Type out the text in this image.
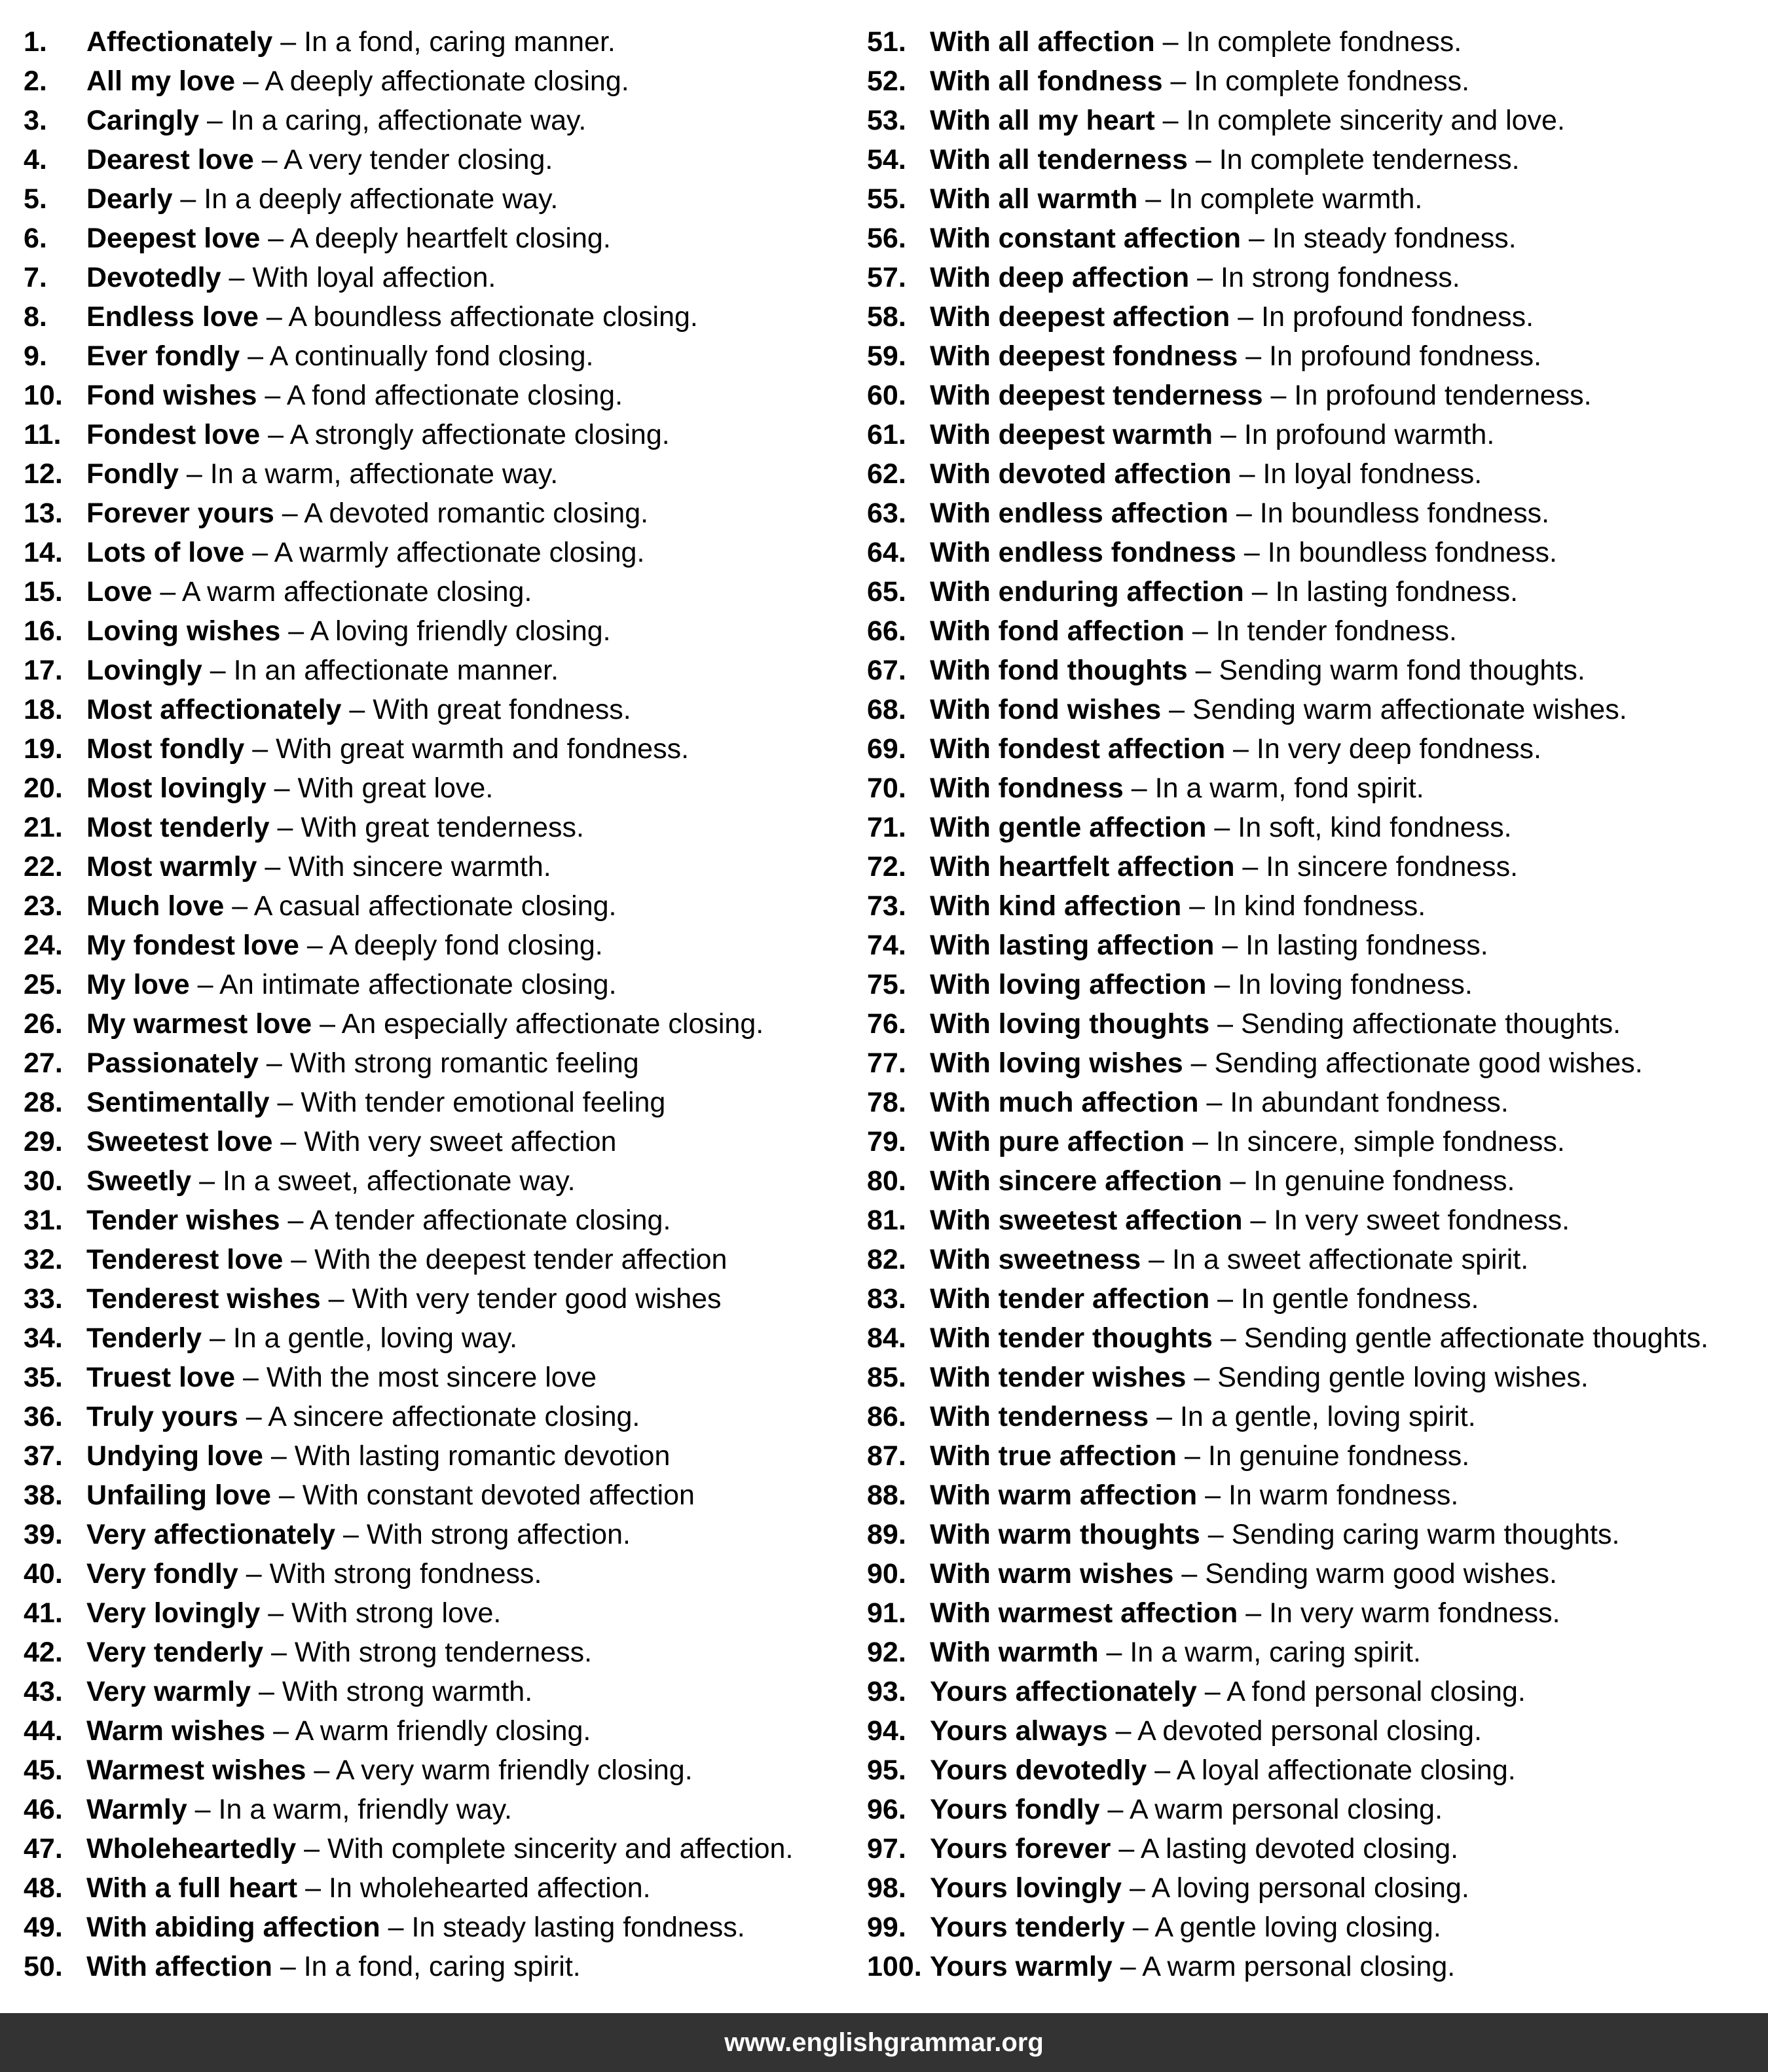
1. Affectionately – In a fond, caring manner.
2. All my love – A deeply affectionate closing.
3. Caringly – In a caring, affectionate way.
4. Dearest love – A very tender closing.
5. Dearly – In a deeply affectionate way.
6. Deepest love – A deeply heartfelt closing.
7. Devotedly – With loyal affection.
8. Endless love – A boundless affectionate closing.
9. Ever fondly – A continually fond closing.
10. Fond wishes – A fond affectionate closing.
11. Fondest love – A strongly affectionate closing.
12. Fondly – In a warm, affectionate way.
13. Forever yours – A devoted romantic closing.
14. Lots of love – A warmly affectionate closing.
15. Love – A warm affectionate closing.
16. Loving wishes – A loving friendly closing.
17. Lovingly – In an affectionate manner.
18. Most affectionately – With great fondness.
19. Most fondly – With great warmth and fondness.
20. Most lovingly – With great love.
21. Most tenderly – With great tenderness.
22. Most warmly – With sincere warmth.
23. Much love – A casual affectionate closing.
24. My fondest love – A deeply fond closing.
25. My love – An intimate affectionate closing.
26. My warmest love – An especially affectionate closing.
27. Passionately – With strong romantic feeling
28. Sentimentally – With tender emotional feeling
29. Sweetest love – With very sweet affection
30. Sweetly – In a sweet, affectionate way.
31. Tender wishes – A tender affectionate closing.
32. Tenderest love – With the deepest tender affection
33. Tenderest wishes – With very tender good wishes
34. Tenderly – In a gentle, loving way.
35. Truest love – With the most sincere love
36. Truly yours – A sincere affectionate closing.
37. Undying love – With lasting romantic devotion
38. Unfailing love – With constant devoted affection
39. Very affectionately – With strong affection.
40. Very fondly – With strong fondness.
41. Very lovingly – With strong love.
42. Very tenderly – With strong tenderness.
43. Very warmly – With strong warmth.
44. Warm wishes – A warm friendly closing.
45. Warmest wishes – A very warm friendly closing.
46. Warmly – In a warm, friendly way.
47. Wholeheartedly – With complete sincerity and affection.
48. With a full heart – In wholehearted affection.
49. With abiding affection – In steady lasting fondness.
50. With affection – In a fond, caring spirit.
51. With all affection – In complete fondness.
52. With all fondness – In complete fondness.
53. With all my heart – In complete sincerity and love.
54. With all tenderness – In complete tenderness.
55. With all warmth – In complete warmth.
56. With constant affection – In steady fondness.
57. With deep affection – In strong fondness.
58. With deepest affection – In profound fondness.
59. With deepest fondness – In profound fondness.
60. With deepest tenderness – In profound tenderness.
61. With deepest warmth – In profound warmth.
62. With devoted affection – In loyal fondness.
63. With endless affection – In boundless fondness.
64. With endless fondness – In boundless fondness.
65. With enduring affection – In lasting fondness.
66. With fond affection – In tender fondness.
67. With fond thoughts – Sending warm fond thoughts.
68. With fond wishes – Sending warm affectionate wishes.
69. With fondest affection – In very deep fondness.
70. With fondness – In a warm, fond spirit.
71. With gentle affection – In soft, kind fondness.
72. With heartfelt affection – In sincere fondness.
73. With kind affection – In kind fondness.
74. With lasting affection – In lasting fondness.
75. With loving affection – In loving fondness.
76. With loving thoughts – Sending affectionate thoughts.
77. With loving wishes – Sending affectionate good wishes.
78. With much affection – In abundant fondness.
79. With pure affection – In sincere, simple fondness.
80. With sincere affection – In genuine fondness.
81. With sweetest affection – In very sweet fondness.
82. With sweetness – In a sweet affectionate spirit.
83. With tender affection – In gentle fondness.
84. With tender thoughts – Sending gentle affectionate thoughts.
85. With tender wishes – Sending gentle loving wishes.
86. With tenderness – In a gentle, loving spirit.
87. With true affection – In genuine fondness.
88. With warm affection – In warm fondness.
89. With warm thoughts – Sending caring warm thoughts.
90. With warm wishes – Sending warm good wishes.
91. With warmest affection – In very warm fondness.
92. With warmth – In a warm, caring spirit.
93. Yours affectionately – A fond personal closing.
94. Yours always – A devoted personal closing.
95. Yours devotedly – A loyal affectionate closing.
96. Yours fondly – A warm personal closing.
97. Yours forever – A lasting devoted closing.
98. Yours lovingly – A loving personal closing.
99. Yours tenderly – A gentle loving closing.
100. Yours warmly – A warm personal closing.
www.englishgrammar.org
